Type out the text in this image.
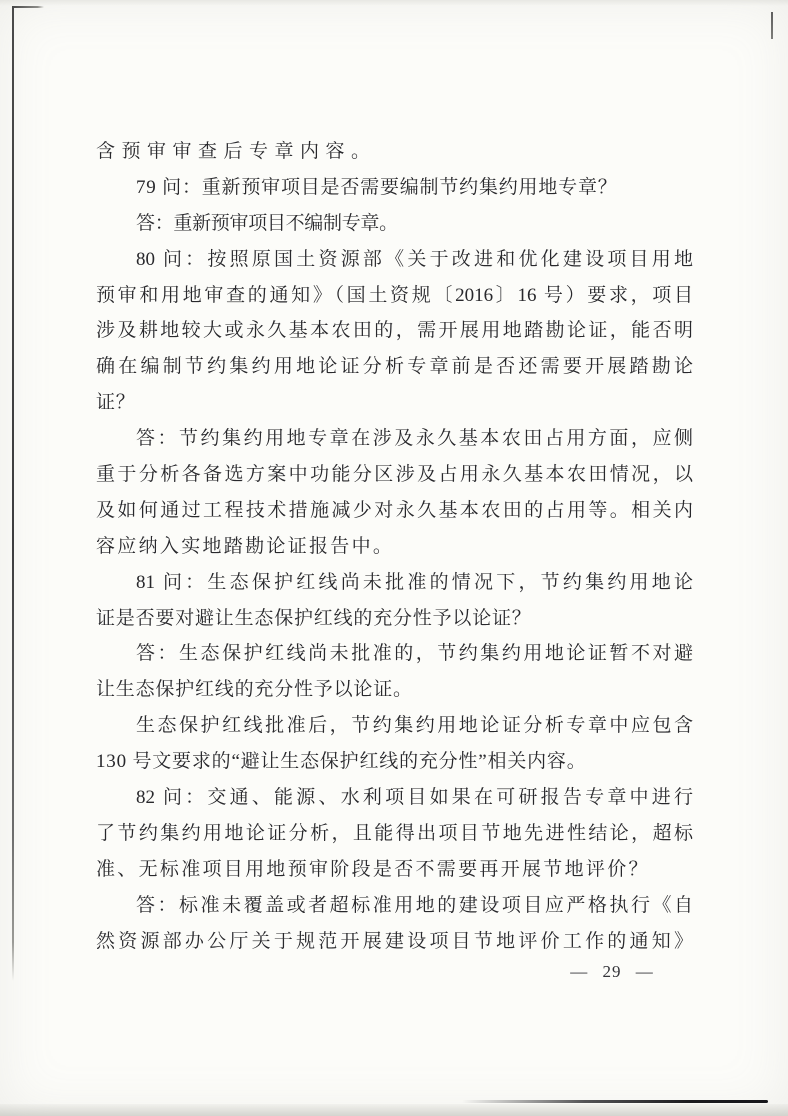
含预审审查后专章内容。
79 问：重新预审项目是否需要编制节约集约用地专章？
答：重新预审项目不编制专章。
80 问：按照原国土资源部《关于改进和优化建设项目用地
预审和用地审查的通知》（国土资规〔2016〕16 号）要求，项目
涉及耕地较大或永久基本农田的，需开展用地踏勘论证，能否明
确在编制节约集约用地论证分析专章前是否还需要开展踏勘论
证？
答：节约集约用地专章在涉及永久基本农田占用方面，应侧
重于分析各备选方案中功能分区涉及占用永久基本农田情况，以
及如何通过工程技术措施减少对永久基本农田的占用等。相关内
容应纳入实地踏勘论证报告中。
81 问：生态保护红线尚未批准的情况下，节约集约用地论
证是否要对避让生态保护红线的充分性予以论证？
答：生态保护红线尚未批准的，节约集约用地论证暂不对避
让生态保护红线的充分性予以论证。
生态保护红线批准后，节约集约用地论证分析专章中应包含
130 号文要求的“避让生态保护红线的充分性”相关内容。
82 问：交通、能源、水利项目如果在可研报告专章中进行
了节约集约用地论证分析，且能得出项目节地先进性结论，超标
准、无标准项目用地预审阶段是否不需要再开展节地评价？
答：标准未覆盖或者超标准用地的建设项目应严格执行《自
然资源部办公厅关于规范开展建设项目节地评价工作的通知》
— 29 —
